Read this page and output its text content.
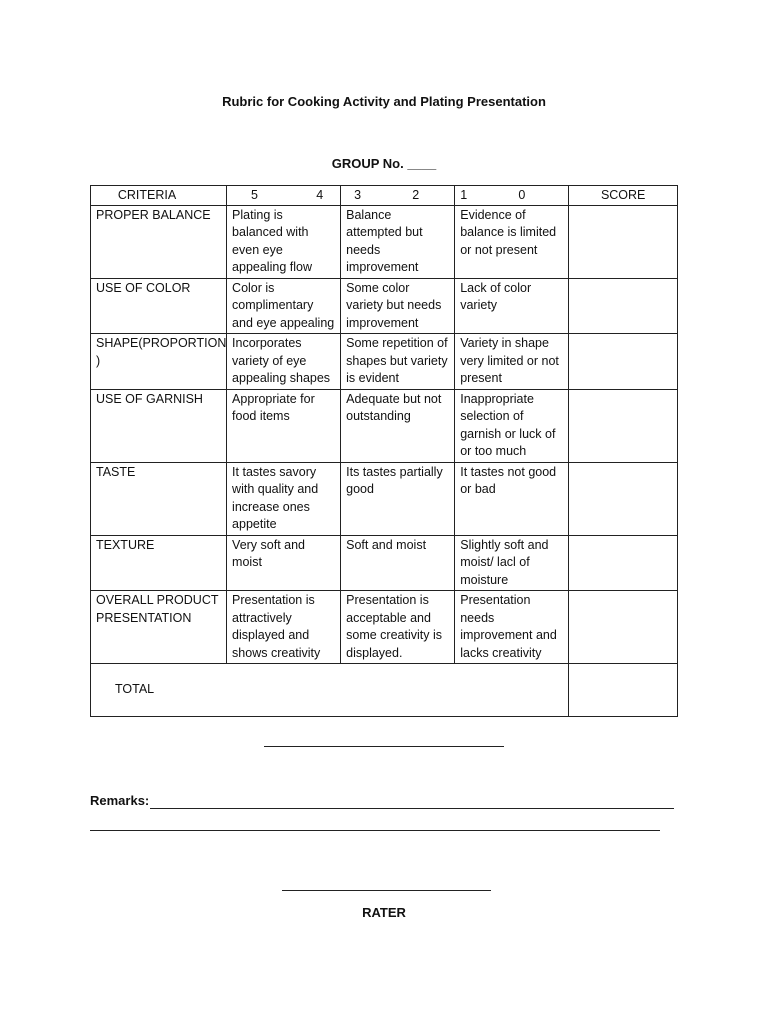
Rubric for Cooking Activity and Plating Presentation
GROUP No. ____
CRITERIA	5 4	3 2	1 0	SCORE
PROPER BALANCE	Plating is balanced with even eye appealing flow	Balance attempted but needs improvement	Evidence of balance is limited or not present	
USE OF COLOR	Color is complimentary and eye appealing	Some color variety but needs improvement	Lack of color variety	
SHAPE(PROPORTION )	Incorporates variety of eye appealing shapes	Some repetition of shapes but variety is evident	Variety in shape very limited or not present	
USE OF GARNISH	Appropriate for food items	Adequate but not outstanding	Inappropriate selection of garnish or luck of or too much	
TASTE	It tastes savory with quality and increase ones appetite	Its tastes partially good	It tastes not good or bad	
TEXTURE	Very soft and moist	Soft and moist	Slightly soft and moist/ lacl of moisture	
OVERALL PRODUCT PRESENTATION	Presentation is attractively displayed and shows creativity	Presentation is acceptable and some creativity is displayed.	Presentation needs improvement and lacks creativity	
TOTAL				
Remarks:
RATER
